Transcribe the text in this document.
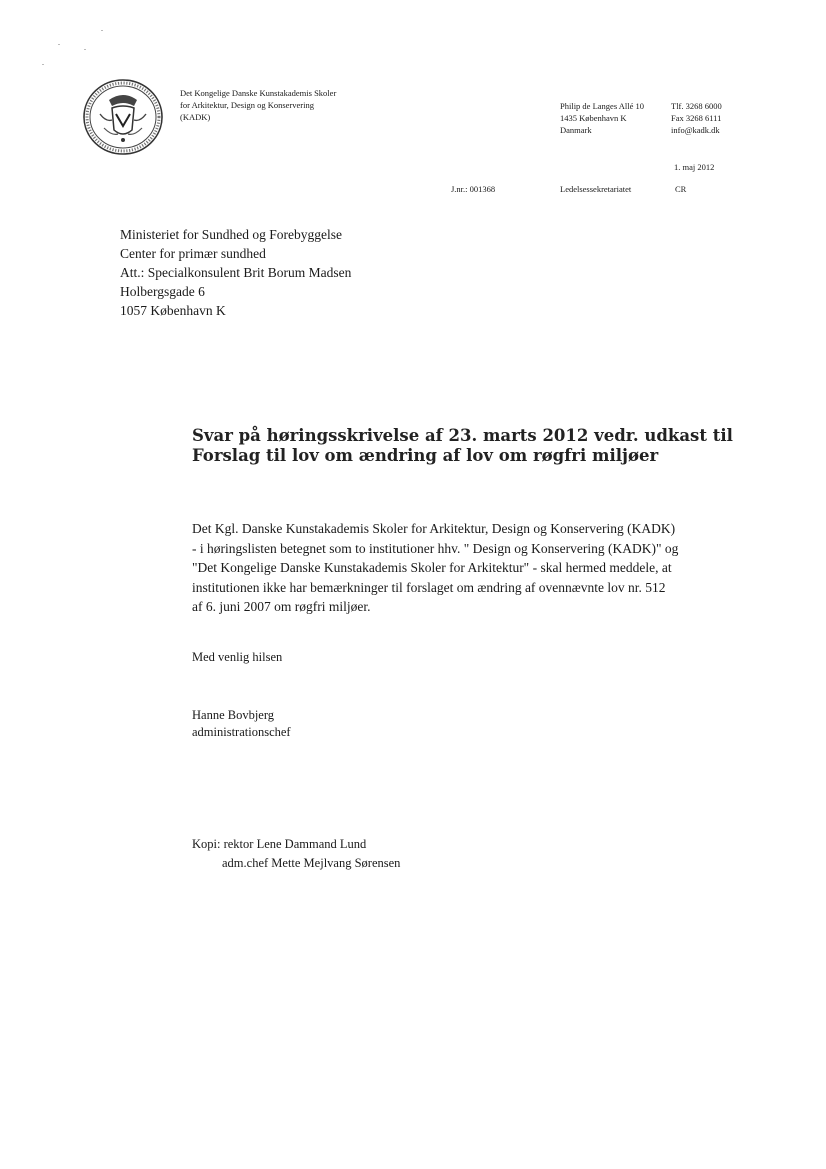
Det Kongelige Danske Kunstakademis Skoler
for Arkitektur, Design og Konservering
(KADK)
Philip de Langes Allé 10
1435 København K
Danmark
Tlf. 3268 6000
Fax 3268 6111
info@kadk.dk
1. maj 2012
J.nr.: 001368	Ledelsessekretariatet	CR
Ministeriet for Sundhed og Forebyggelse
Center for primær sundhed
Att.: Specialkonsulent Brit Borum Madsen
Holbergsgade 6
1057 København K
Svar på høringsskrivelse af 23. marts 2012 vedr. udkast til
Forslag til lov om ændring af lov om røgfri miljøer
Det Kgl. Danske Kunstakademis Skoler for Arkitektur, Design og Konservering (KADK)
- i høringslisten betegnet som to institutioner hhv. " Design og Konservering (KADK)" og
"Det Kongelige Danske Kunstakademis Skoler for Arkitektur" - skal hermed meddele, at
institutionen ikke har bemærkninger til forslaget om ændring af ovennævnte lov nr. 512
af 6. juni 2007 om røgfri miljøer.
Med venlig hilsen
Hanne Bovbjerg
administrationschef
Kopi: rektor Lene Dammand Lund
adm.chef Mette Mejlvang Sørensen
